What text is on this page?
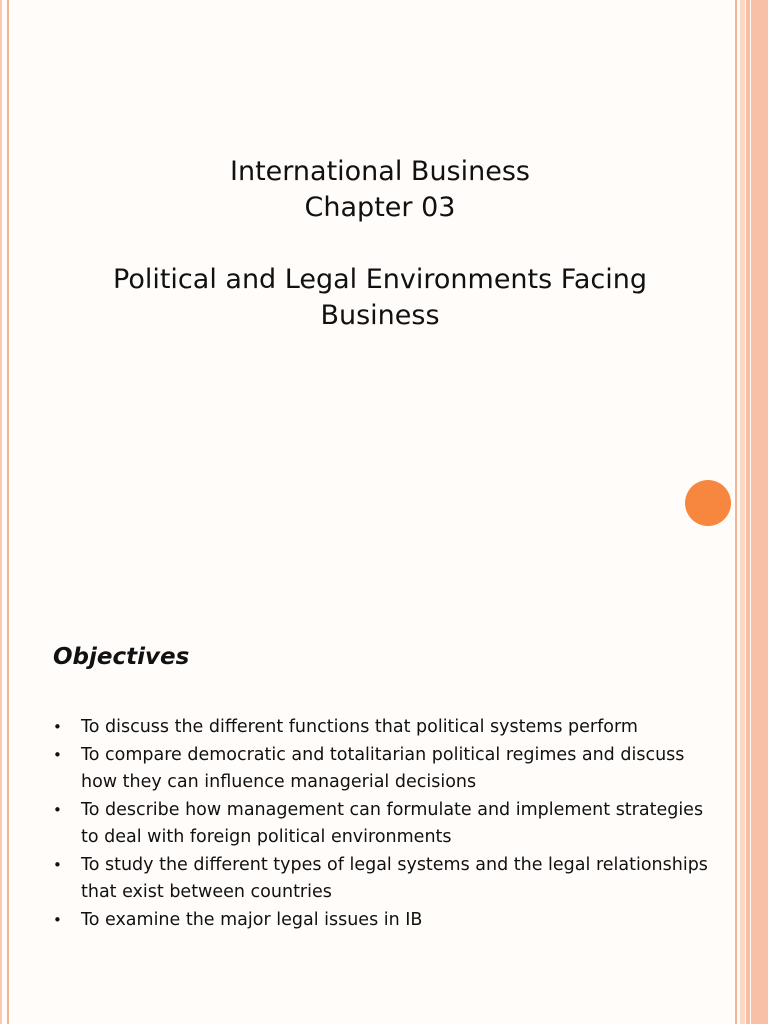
International Business
Chapter 03
Political and Legal Environments Facing
Business
Objectives
• To discuss the different functions that political systems perform
• To compare democratic and totalitarian political regimes and discuss how they can influence managerial decisions
• To describe how management can formulate and implement strategies to deal with foreign political environments
• To study the different types of legal systems and the legal relationships that exist between countries
• To examine the major legal issues in IB
